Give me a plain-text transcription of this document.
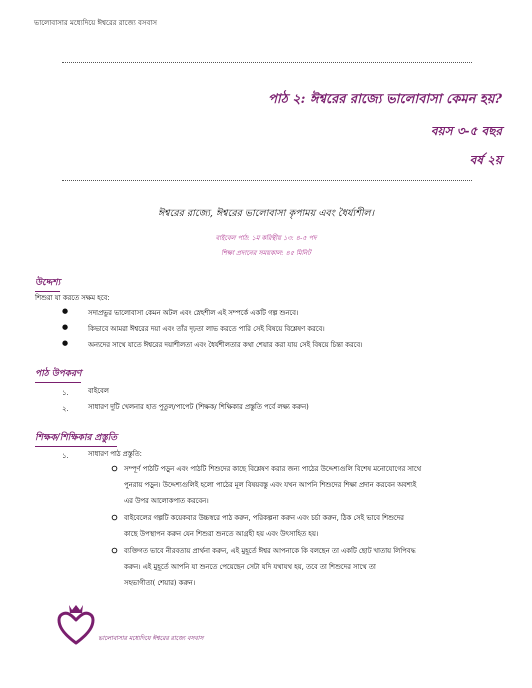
ভালোবাসার মধ্যেদিয়ে ঈশ্বরের রাজ্যে বসবাস
পাঠ ২: ঈশ্বরের রাজ্যে ভালোবাসা কেমন হয়?
বয়স ৩-৫ বছর
বর্ষ ২য়
ঈশ্বরের রাজ্যে, ঈশ্বরের ভালোবাসা কৃপাময় এবং ধৈর্য্যশীল।
বাইবেল পাঠ: ১ম করিন্থীয় ১৩: ৪-৫ পদ
শিক্ষা প্রদানের সময়কাল: ৪৫ মিনিট
উদ্দেশ্য
শিশুরা যা করতে সক্ষম হবে:
●	সদাপ্রভুর ভালোবাসা কেমন অটল এবং স্নেহশীল এই সম্পর্কে একটি গল্প শুনবে।
●	কিভাবে আমরা ঈশ্বরের দয়া এবং তাঁর দৃঢ়তা লাভ করতে পারি সেই বিষয়ে বিশ্লেষণ করবে।
●	অন্যদের সাথে যাতে ঈশ্বরের দয়াশীলতা এবং ধৈর্যশীলতার কথা শেয়ার করা যায় সেই বিষয়ে চিন্তা করবে।
পাঠ উপকরণ
১.	বাইবেল
২.	সাধারণ দুটি খেলনার হাত পুতুল/পাপেট (শিক্ষক/ শিক্ষিকার প্রস্তুতি পর্বে লক্ষ্য করুন)
শিক্ষক/শিক্ষিকার প্রস্তুতি
১.	সাধারণ পাঠ প্রস্তুতি:
সম্পূর্ণ পাঠটি পড়ুন এবং পাঠটি শিশুদের কাছে বিশ্লেষণ করার জন্য পাঠের উদ্দেশ্যগুলি বিশেষ মনোযোগের সাথে
পুনরায় পড়ুন। উদ্দেশ্যগুলিই হলো পাঠের মূল বিষয়বস্তু এবং যখন আপনি শিশুদের শিক্ষা প্রদান করবেন অবশ্যই
এর উপর আলোকপাত করবেন।
বাইবেলের গল্পটি কয়েকবার উচ্চস্বরে পাঠ করুন, পরিকল্পনা করুন এবং চর্চা করুন, ঠিক সেই ভাবে শিশুদের
কাছে উপস্থাপন করুন যেন শিশুরা শুনতে আগ্রহী হয় এবং উৎসাহিত হয়।
ব্যক্তিগত ভাবে নীরবতায় প্রার্থনা করুন, এই মুহূর্তে ঈশ্বর আপনাকে কি বলছেন তা একটি ছোট খাতায় লিপিবদ্ধ
করুন। এই মুহূর্তে আপনি যা শুনতে পেয়েছেন সেটা যদি যথাযথ হয়, তবে তা শিশুদের সাথে তা
সহভাগীতা( শেয়ার) করুন।
ভালোবাসার মধ্যেদিয়ে ঈশ্বরের রাজ্যে বসবাস
